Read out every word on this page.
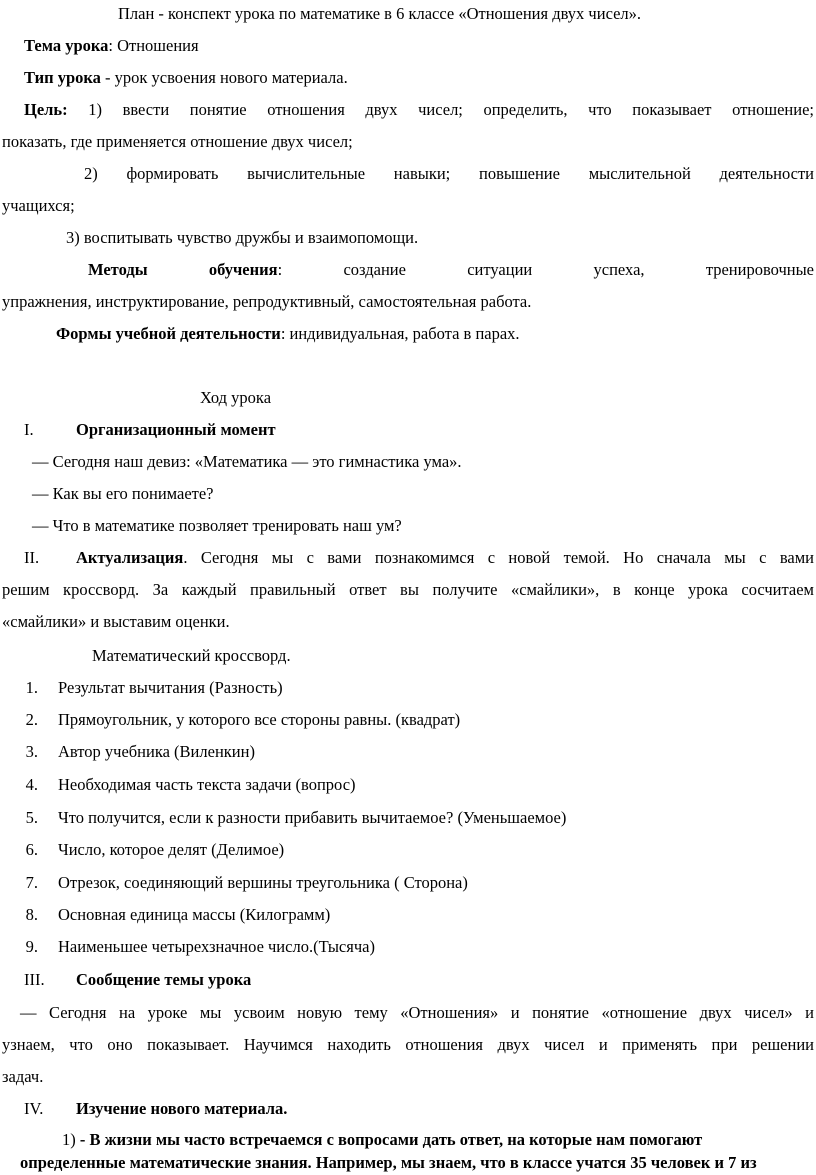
План - конспект урока по математике в 6 классе «Отношения двух чисел».
Тема урока: Отношения
Тип урока - урок усвоения нового материала.
Цель: 1) ввести понятие отношения двух чисел; определить, что показывает отношение;
показать, где применяется отношение двух чисел;
2) формировать вычислительные навыки; повышение мыслительной деятельности
учащихся;
3) воспитывать чувство дружбы и взаимопомощи.
Методы обучения: создание ситуации успеха, тренировочные
упражнения, инструктирование, репродуктивный, самостоятельная работа.
Формы учебной деятельности: индивидуальная, работа в парах.
Ход урока
I.	Организационный момент
— Сегодня наш девиз: «Математика — это гимнастика ума».
— Как вы его понимаете?
— Что в математике позволяет тренировать наш ум?
II. Актуализация. Сегодня мы с вами познакомимся с новой темой. Но сначала мы с вами
решим кроссворд. За каждый правильный ответ вы получите «смайлики», в конце урока сосчитаем
«смайлики» и выставим оценки.
Математический кроссворд.
1. Результат вычитания (Разность)
2. Прямоугольник, у которого все стороны равны. (квадрат)
3. Автор учебника (Виленкин)
4. Необходимая часть текста задачи (вопрос)
5. Что получится, если к разности прибавить вычитаемое? (Уменьшаемое)
6. Число, которое делят (Делимое)
7. Отрезок, соединяющий вершины треугольника ( Сторона)
8. Основная единица массы (Килограмм)
9. Наименьшее четырехзначное число.(Тысяча)
III. Сообщение темы урока
— Сегодня на уроке мы усвоим новую тему «Отношения» и понятие «отношение двух чисел» и
узнаем, что оно показывает. Научимся находить отношения двух чисел и применять при решении
задач.
IV. Изучение нового материала.
1) - В жизни мы часто встречаемся с вопросами дать ответ, на которые нам помогают
определенные математические знания. Например, мы знаем, что в классе учатся 35 человек и 7 из
